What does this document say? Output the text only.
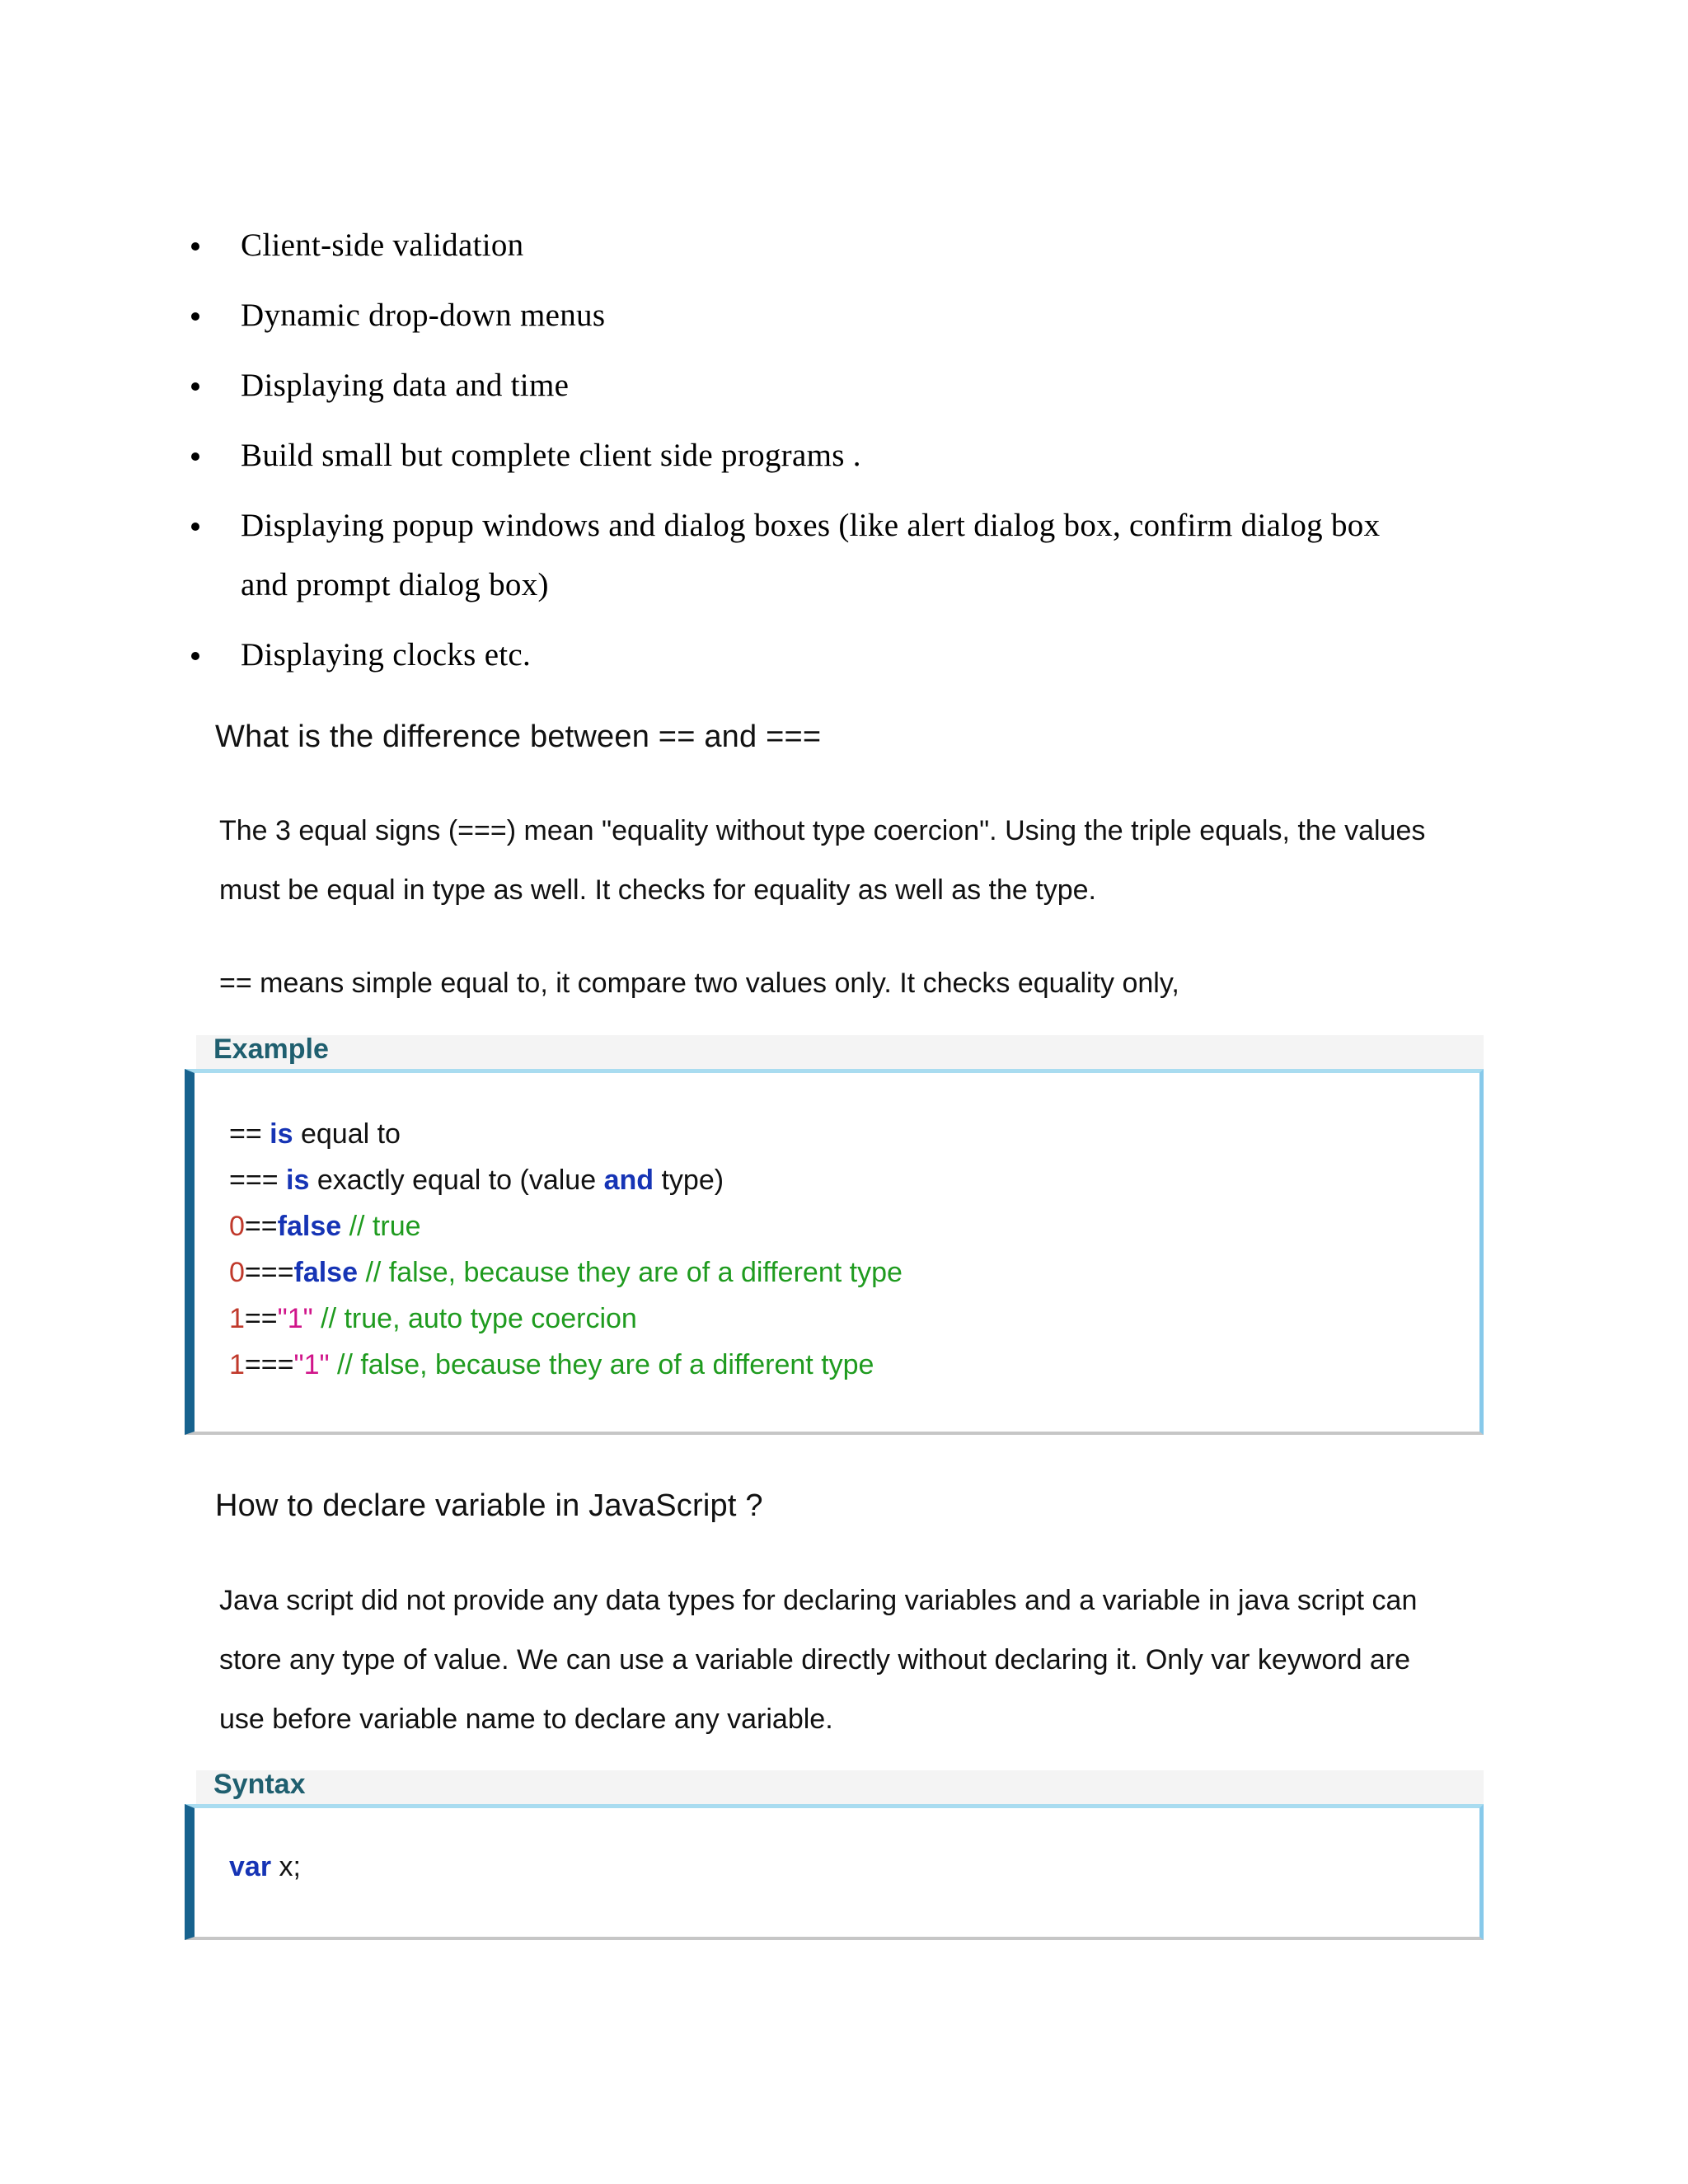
Client-side validation
Dynamic drop-down menus
Displaying data and time
Build small but complete client side programs .
Displaying popup windows and dialog boxes (like alert dialog box, confirm dialog box
and prompt dialog box)
Displaying clocks etc.
What is the difference between == and ===
The 3 equal signs (===) mean "equality without type coercion". Using the triple equals, the values
must be equal in type as well. It checks for equality as well as the type.
== means simple equal to, it compare two values only. It checks equality only,
Example
== is equal to
=== is exactly equal to (value and type)
0==false // true
0===false // false, because they are of a different type
1=="1" // true, auto type coercion
1==="1" // false, because they are of a different type
How to declare variable in JavaScript ?
Java script did not provide any data types for declaring variables and a variable in java script can
store any type of value. We can use a variable directly without declaring it. Only var keyword are
use before variable name to declare any variable.
Syntax
var x;
